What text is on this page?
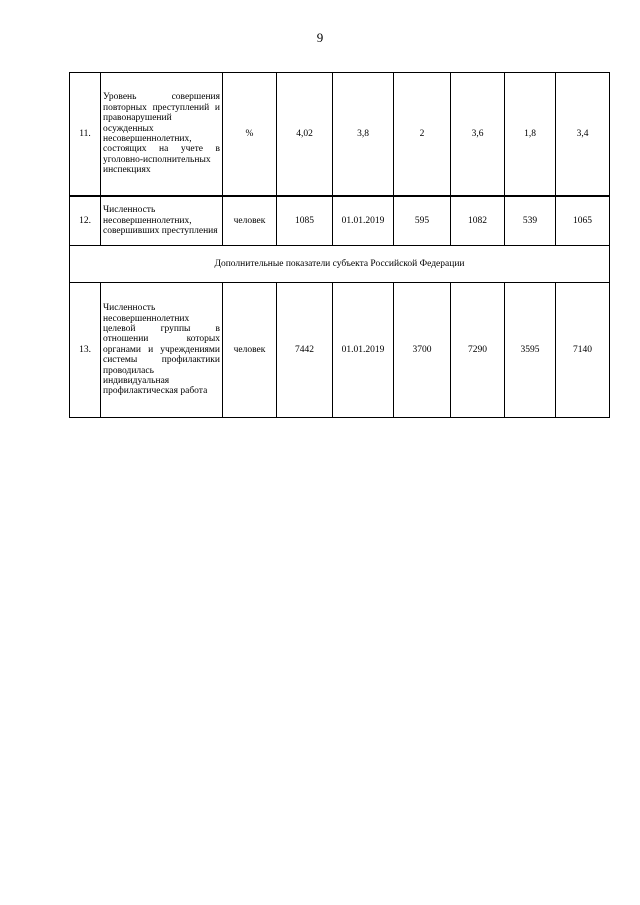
9
11.	Уровень совершения повторных преступлений и правонарушений осужденных несовершеннолетних, состоящих на учете в уголовно-исполнительных инспекциях	%	4,02	3,8	2	3,6	1,8	3,4
12.	Численность несовершеннолетних, совершивших преступления	человек	1085	01.01.2019	595	1082	539	1065
Дополнительные показатели субъекта Российской Федерации								
13.	Численность несовершеннолетних целевой группы в отношении которых органами и учреждениями системы профилактики проводилась индивидуальная профилактическая работа	человек	7442	01.01.2019	3700	7290	3595	7140
